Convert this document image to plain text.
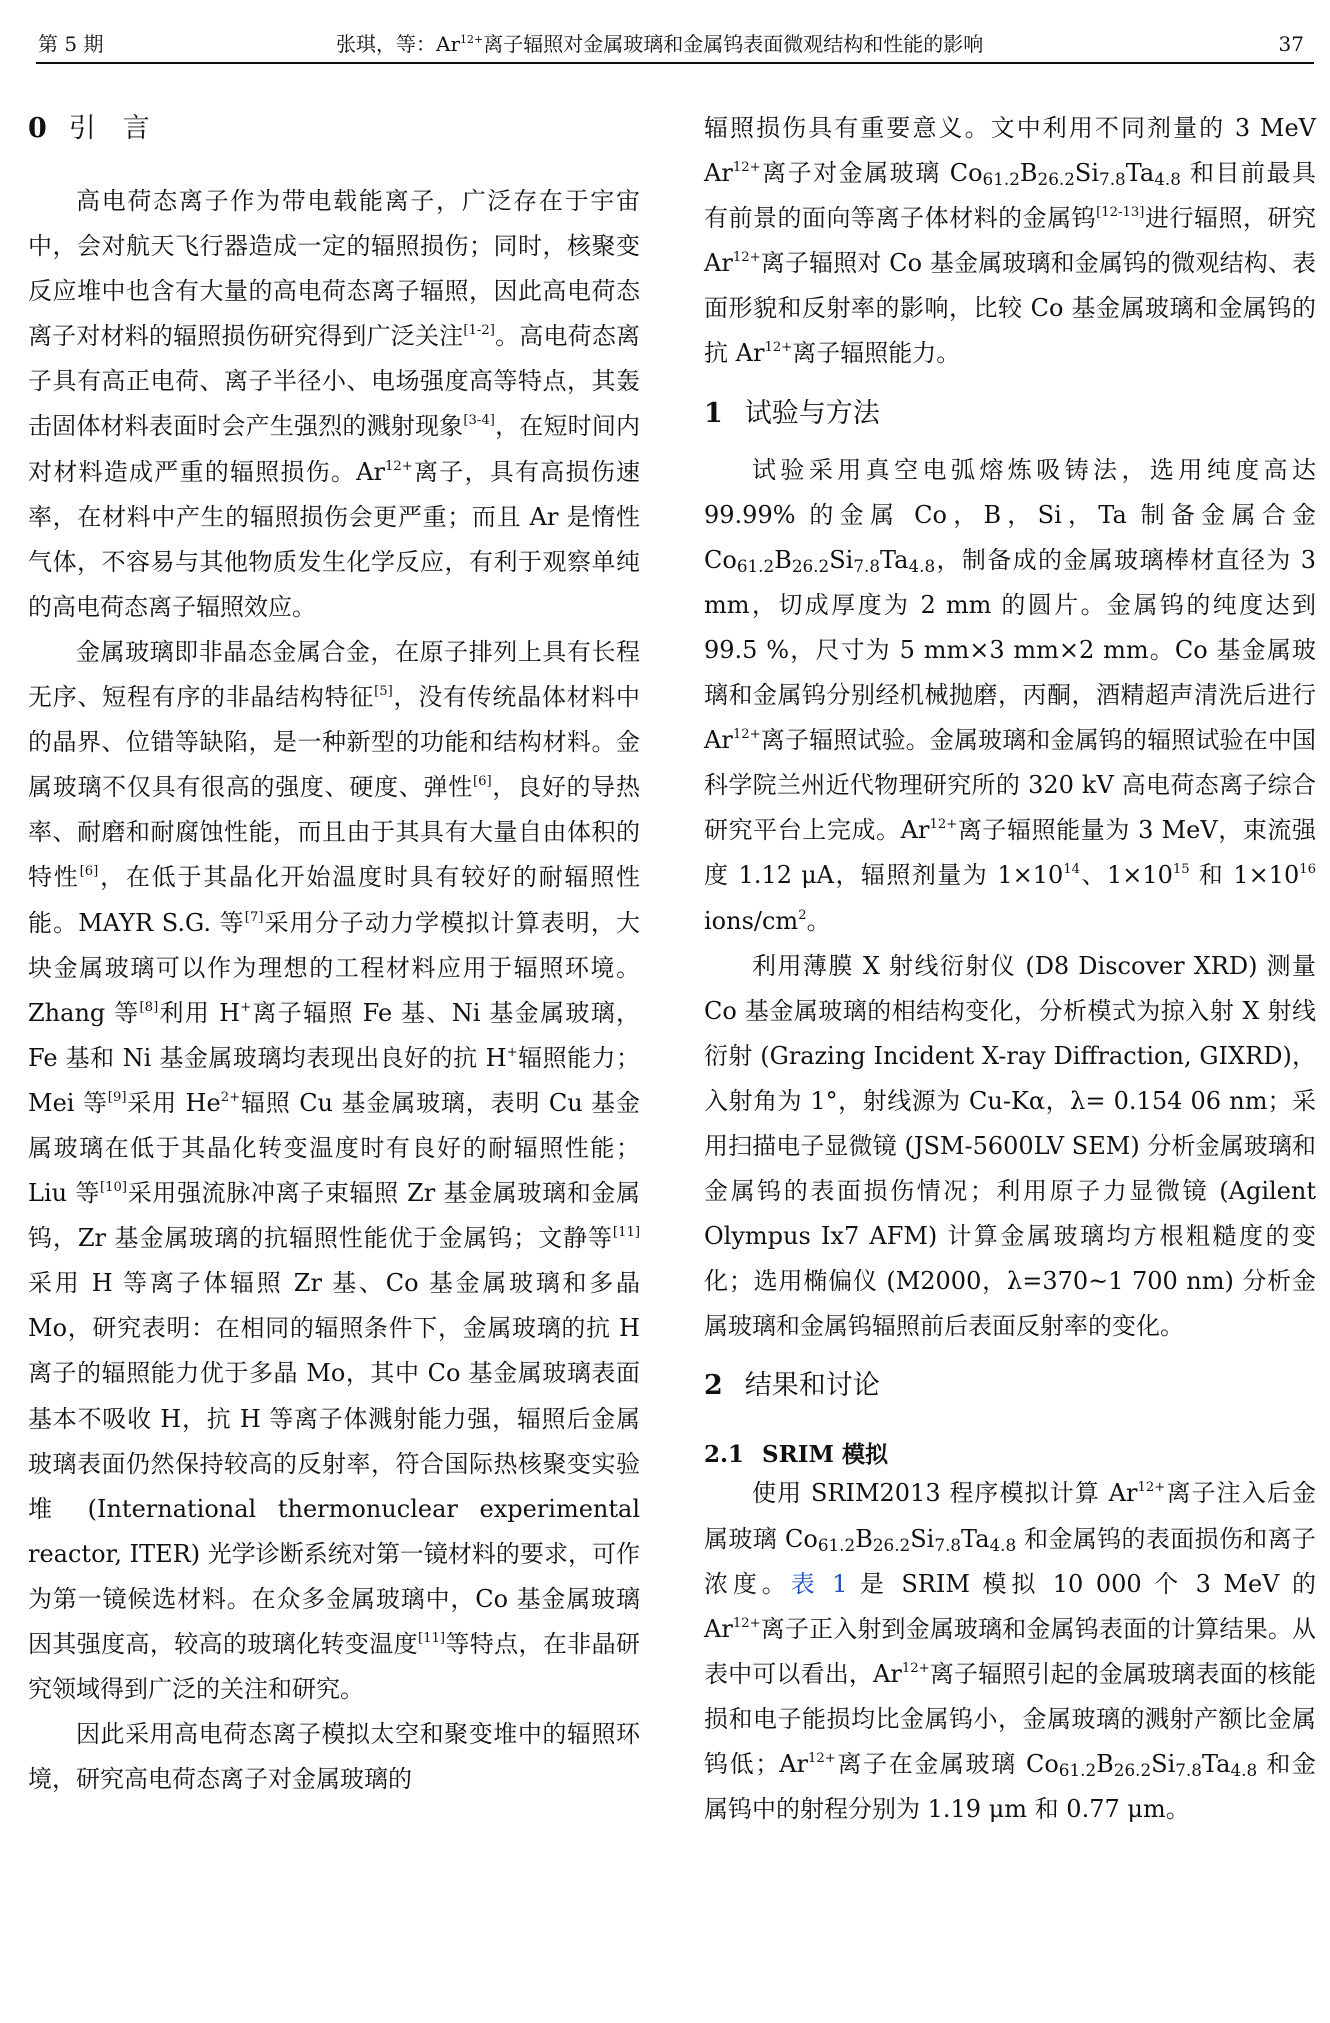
第 5 期	张琪，等：$Ar^{12+}$离子辐照对金属玻璃和金属钨表面微观结构和性能的影响	37
0 引　言

高电荷态离子作为带电载能离子，广泛存在于宇宙中，会对航天飞行器造成一定的辐照损伤；同时，核聚变反应堆中也含有大量的高电荷态离子辐照，因此高电荷态离子对材料的辐照损伤研究得到广泛关注[1-2]。高电荷态离子具有高正电荷、离子半径小、电场强度高等特点，其轰击固体材料表面时会产生强烈的溅射现象[3-4]，在短时间内对材料造成严重的辐照损伤。$Ar^{12+}$离子，具有高损伤速率，在材料中产生的辐照损伤会更严重；而且 Ar 是惰性气体，不容易与其他物质发生化学反应，有利于观察单纯的高电荷态离子辐照效应。

金属玻璃即非晶态金属合金，在原子排列上具有长程无序、短程有序的非晶结构特征[5]，没有传统晶体材料中的晶界、位错等缺陷，是一种新型的功能和结构材料。金属玻璃不仅具有很高的强度、硬度、弹性[6]，良好的导热率、耐磨和耐腐蚀性能，而且由于其具有大量自由体积的特性[6]，在低于其晶化开始温度时具有较好的耐辐照性能。MAYR S.G. 等[7]采用分子动力学模拟计算表明，大块金属玻璃可以作为理想的工程材料应用于辐照环境。Zhang 等[8]利用 H+离子辐照 Fe 基、Ni 基金属玻璃，Fe 基和 Ni 基金属玻璃均表现出良好的抗 H+辐照能力；Mei 等[9]采用 $He^{2+}$辐照 Cu 基金属玻璃，表明 Cu 基金属玻璃在低于其晶化转变温度时有良好的耐辐照性能；Liu 等[10]采用强流脉冲离子束辐照 Zr 基金属玻璃和金属钨，Zr 基金属玻璃的抗辐照性能优于金属钨；文静等[11]采用 H 等离子体辐照 Zr 基、Co 基金属玻璃和多晶 Mo，研究表明：在相同的辐照条件下，金属玻璃的抗 H 离子的辐照能力优于多晶 Mo，其中 Co 基金属玻璃表面基本不吸收 H，抗 H 等离子体溅射能力强，辐照后金属玻璃表面仍然保持较高的反射率，符合国际热核聚变实验堆 (International thermonuclear experimental reactor, ITER) 光学诊断系统对第一镜材料的要求，可作为第一镜候选材料。在众多金属玻璃中，Co 基金属玻璃因其强度高，较高的玻璃化转变温度[11]等特点，在非晶研究领域得到广泛的关注和研究。

因此采用高电荷态离子模拟太空和聚变堆中的辐照环境，研究高电荷态离子对金属玻璃的

辐照损伤具有重要意义。文中利用不同剂量的 3 MeV $Ar^{12+}$离子对金属玻璃 $Co_{61.2}B_{26.2}Si_{7.8}Ta_{4.8}$ 和目前最具有前景的面向等离子体材料的金属钨[12-13]进行辐照，研究 $Ar^{12+}$离子辐照对 Co 基金属玻璃和金属钨的微观结构、表面形貌和反射率的影响，比较 Co 基金属玻璃和金属钨的抗 $Ar^{12+}$离子辐照能力。

1 试验与方法

试验采用真空电弧熔炼吸铸法，选用纯度高达 99.99% 的金属 Co，B，Si，Ta 制备金属合金 $Co_{61.2}B_{26.2}Si_{7.8}Ta_{4.8}$，制备成的金属玻璃棒材直径为 3 mm，切成厚度为 2 mm 的圆片。金属钨的纯度达到 99.5 %，尺寸为 5 mm×3 mm×2 mm。Co 基金属玻璃和金属钨分别经机械抛磨，丙酮，酒精超声清洗后进行 $Ar^{12+}$离子辐照试验。金属玻璃和金属钨的辐照试验在中国科学院兰州近代物理研究所的 320 kV 高电荷态离子综合研究平台上完成。$Ar^{12+}$离子辐照能量为 3 MeV，束流强度 1.12 μA，辐照剂量为 $1\times 10^{14}$、$1\times 10^{15}$ 和 $1\times 10^{16}$ ions/$cm^2$。

利用薄膜 X 射线衍射仪 (D8 Discover XRD) 测量 Co 基金属玻璃的相结构变化，分析模式为掠入射 X 射线衍射 (Grazing Incident X-ray Diffraction, GIXRD)，入射角为 1°，射线源为 Cu-Kα，λ= 0.154 06 nm；采用扫描电子显微镜 (JSM-5600LV SEM) 分析金属玻璃和金属钨的表面损伤情况；利用原子力显微镜 (Agilent Olympus Ix7 AFM) 计算金属玻璃均方根粗糙度的变化；选用椭偏仪 (M2000，λ=370~1 700 nm) 分析金属玻璃和金属钨辐照前后表面反射率的变化。

2 结果和讨论
2.1 SRIM 模拟

使用 SRIM2013 程序模拟计算 $Ar^{12+}$离子注入后金属玻璃 $Co_{61.2}B_{26.2}Si_{7.8}Ta_{4.8}$ 和金属钨的表面损伤和离子浓度。表 1 是 SRIM 模拟 10 000 个 3 MeV 的 $Ar^{12+}$离子正入射到金属玻璃和金属钨表面的计算结果。从表中可以看出，$Ar^{12+}$离子辐照引起的金属玻璃表面的核能损和电子能损均比金属钨小，金属玻璃的溅射产额比金属钨低；$Ar^{12+}$离子在金属玻璃 $Co_{61.2}B_{26.2}Si_{7.8}Ta_{4.8}$ 和金属钨中的射程分别为 1.19 μm 和 0.77 μm。
